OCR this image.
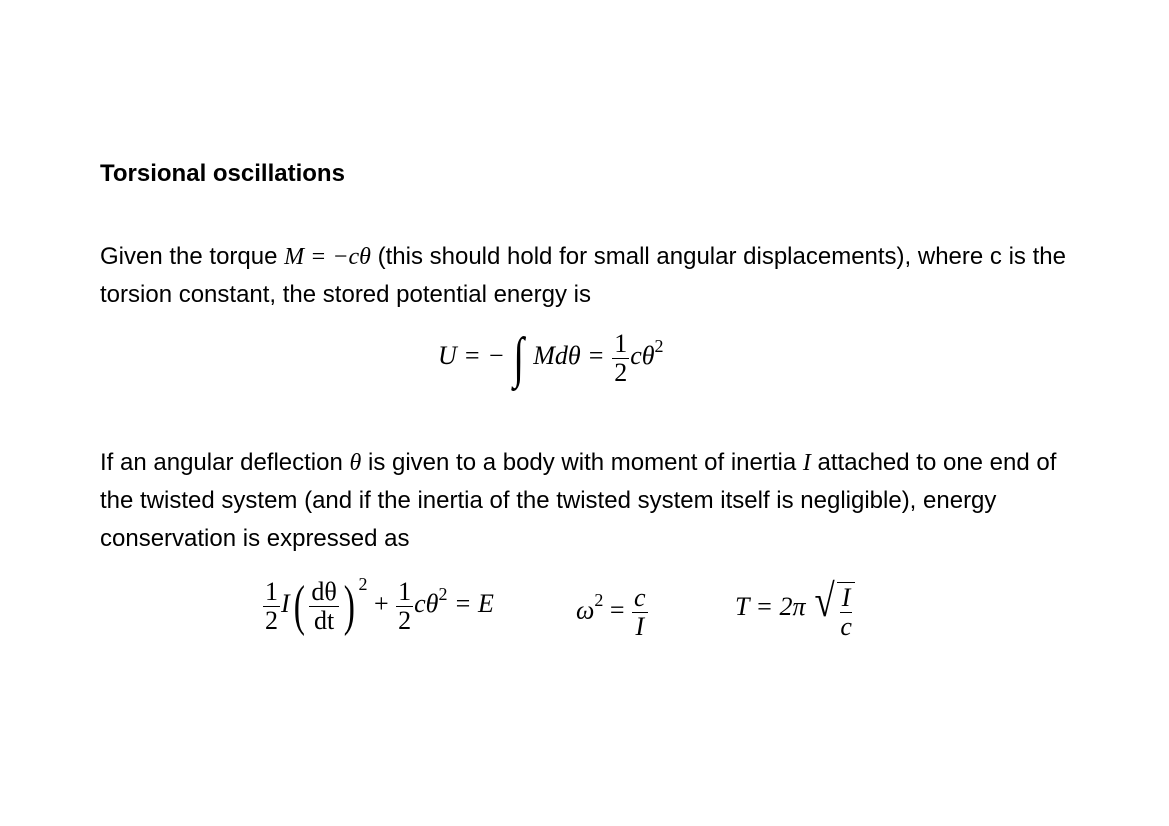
Torsional oscillations
Given the torque M = −cθ (this should hold for small angular displacements), where c is the torsion constant, the stored potential energy is
U = − ∫ $Md\theta = \frac{1}{2} c\theta^2$
If an angular deflection θ is given to a body with moment of inertia I attached to one end of the twisted system (and if the inertia of the twisted system itself is negligible), energy conservation is expressed as
$\frac{1}{2} I( \frac{d\theta}{dt}$ ) $^2 + \frac{1}{2} c\theta^2 = E$	$\omega^2 = \frac{c}{I}$	T = 2π √ $\frac{I}{c}$
